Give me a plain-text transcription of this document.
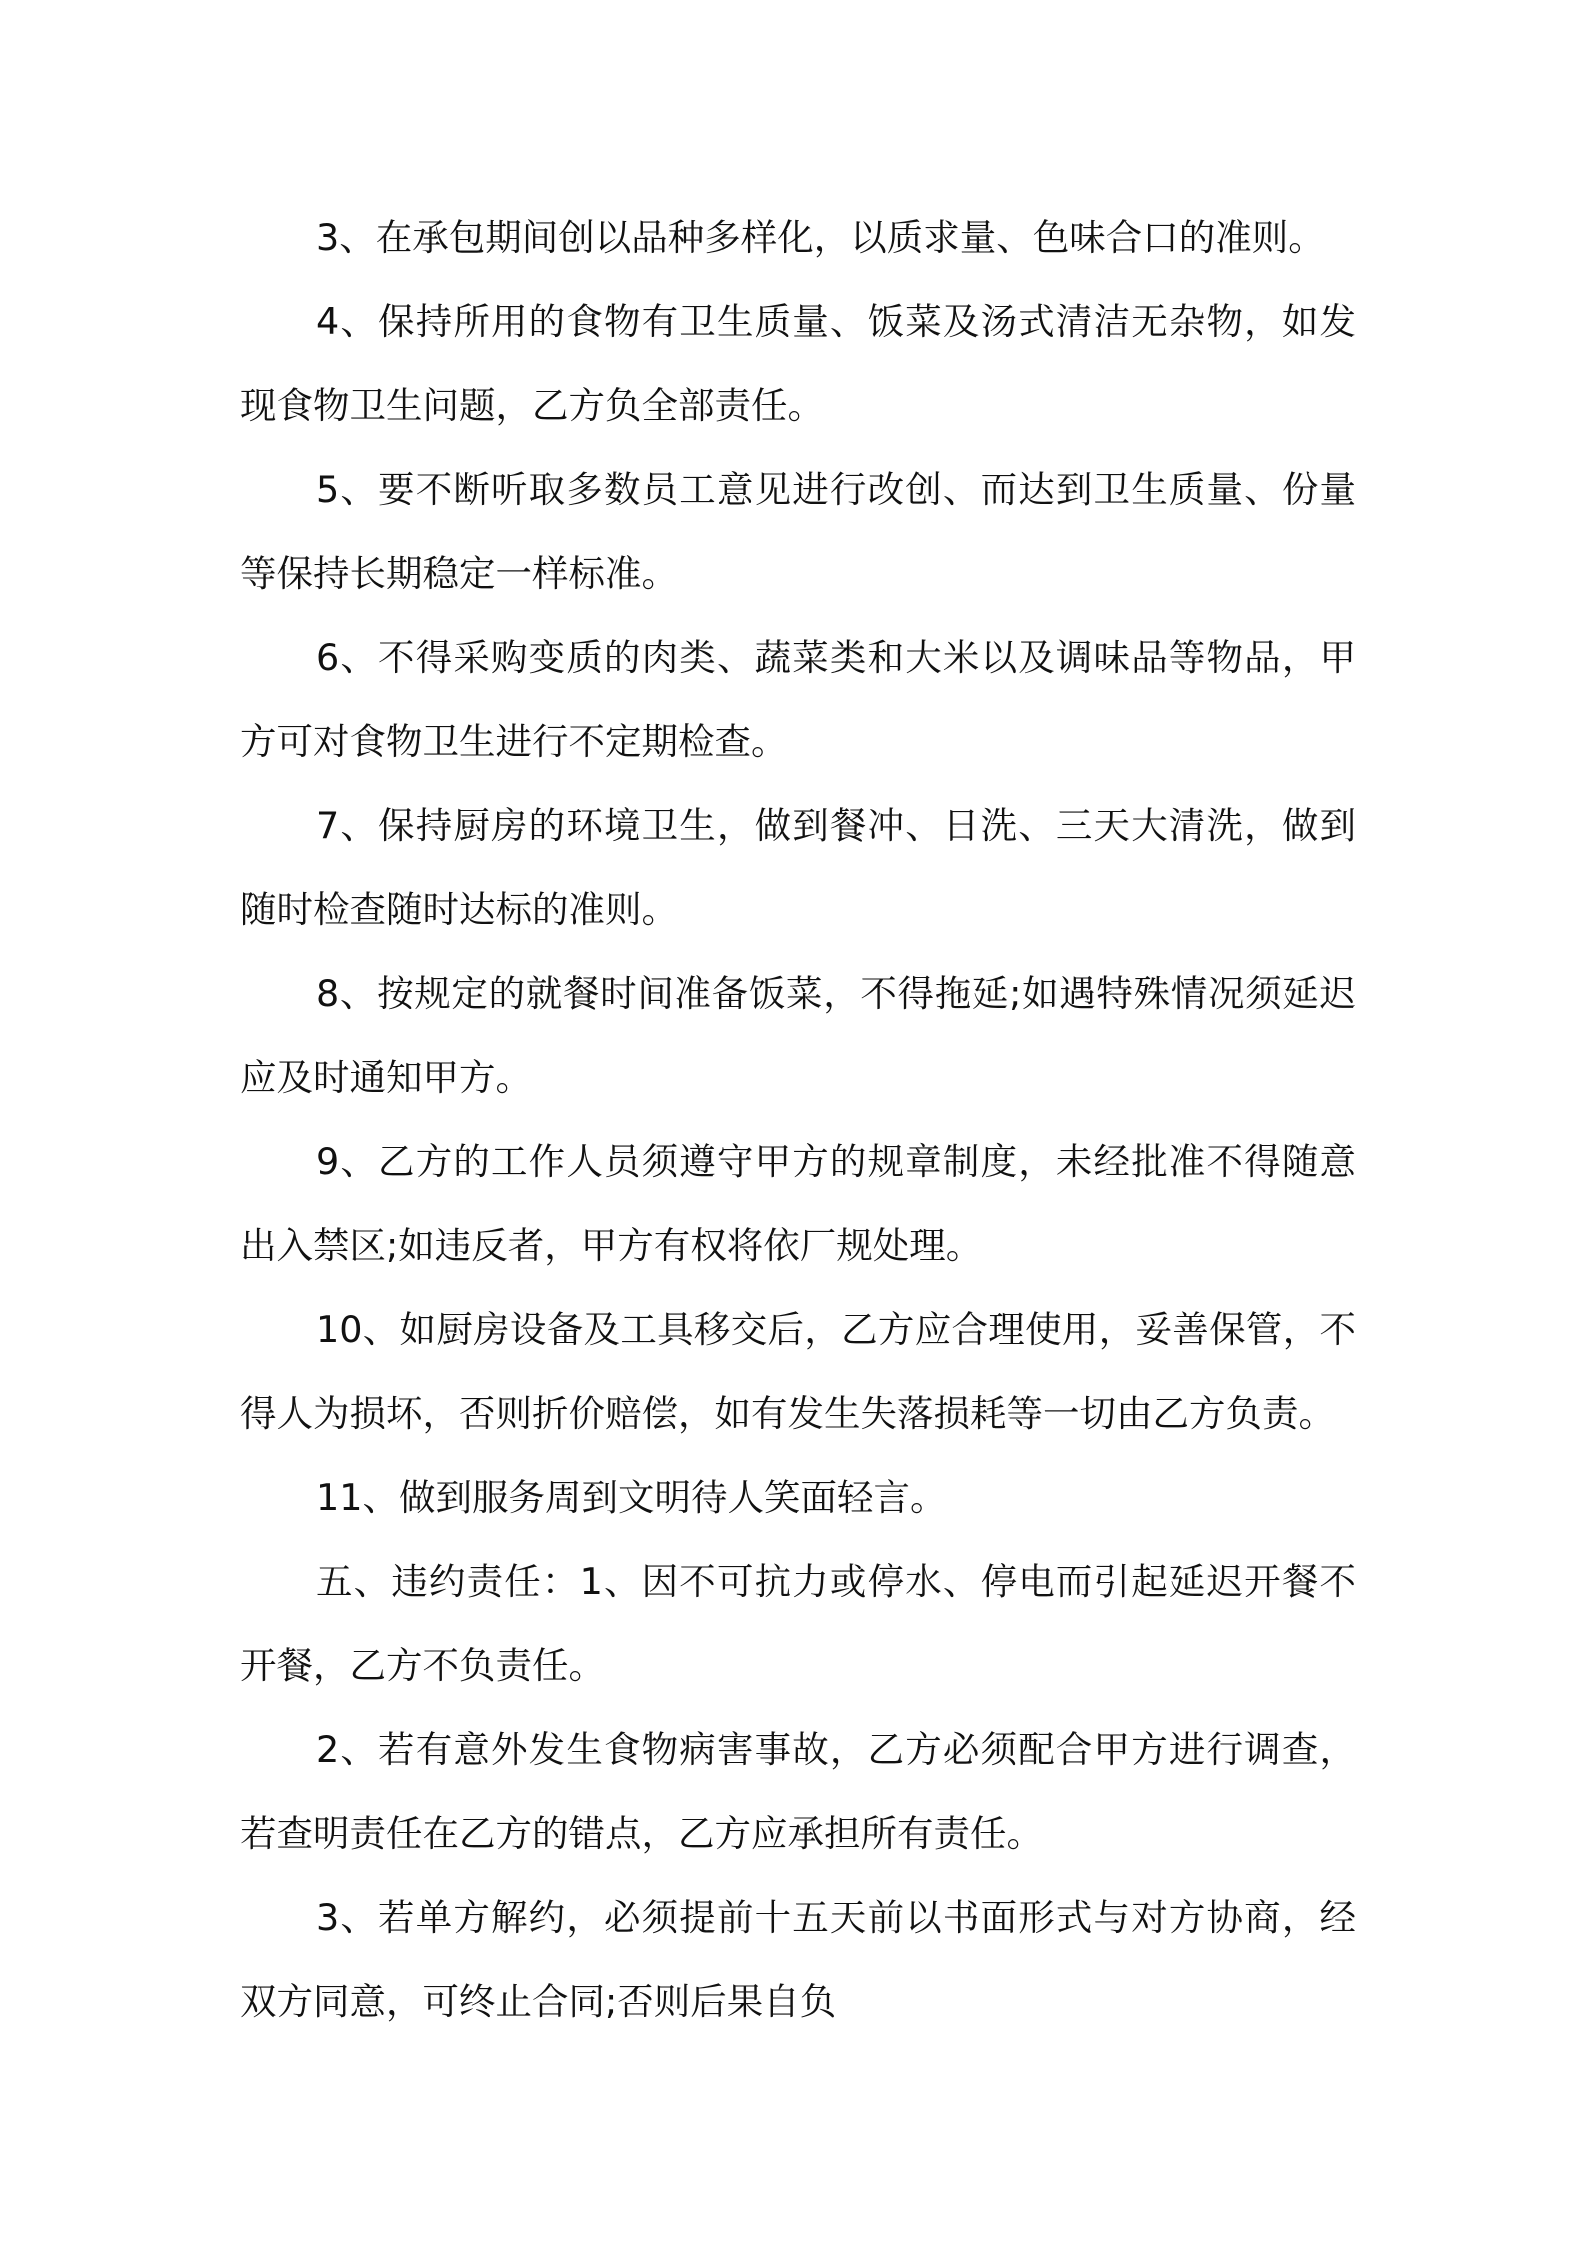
3、在承包期间创以品种多样化，以质求量、色味合口的准则。

4、保持所用的食物有卫生质量、饭菜及汤式清洁无杂物，如发现食物卫生问题，乙方负全部责任。

5、要不断听取多数员工意见进行改创、而达到卫生质量、份量等保持长期稳定一样标准。

6、不得采购变质的肉类、蔬菜类和大米以及调味品等物品，甲方可对食物卫生进行不定期检查。

7、保持厨房的环境卫生，做到餐冲、日洗、三天大清洗，做到随时检查随时达标的准则。

8、按规定的就餐时间准备饭菜，不得拖延;如遇特殊情况须延迟应及时通知甲方。

9、乙方的工作人员须遵守甲方的规章制度，未经批准不得随意出入禁区;如违反者，甲方有权将依厂规处理。

10、如厨房设备及工具移交后，乙方应合理使用，妥善保管，不得人为损坏，否则折价赔偿，如有发生失落损耗等一切由乙方负责。

11、做到服务周到文明待人笑面轻言。

五、违约责任：1、因不可抗力或停水、停电而引起延迟开餐不开餐，乙方不负责任。

2、若有意外发生食物病害事故，乙方必须配合甲方进行调查，若查明责任在乙方的错点，乙方应承担所有责任。

3、若单方解约，必须提前十五天前以书面形式与对方协商，经双方同意，可终止合同;否则后果自负
